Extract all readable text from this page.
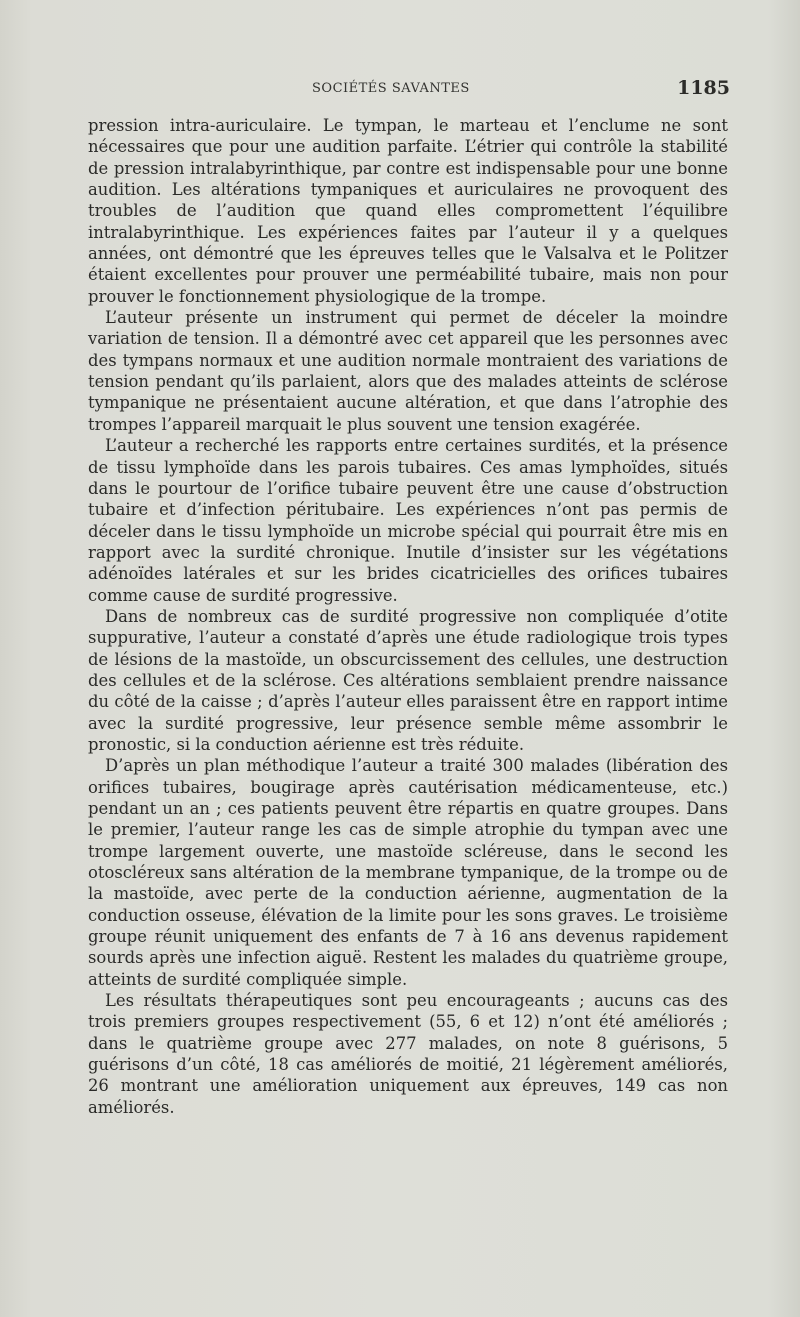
SOCIÉTÉS SAVANTES	1185

pression intra-auriculaire. Le tympan, le marteau et l’enclume ne sont nécessaires que pour une audition parfaite. L’étrier qui contrôle la stabilité de pression intralabyrinthique, par contre est indispensable pour une bonne audition. Les altérations tympaniques et auriculaires ne provoquent des troubles de l’audition que quand elles compromettent l’équilibre intralabyrinthique. Les expériences faites par l’auteur il y a quelques années, ont démontré que les épreuves telles que le Valsalva et le Politzer étaient excellentes pour prouver une perméabilité tubaire, mais non pour prouver le fonctionnement physiologique de la trompe.

L’auteur présente un instrument qui permet de déceler la moindre variation de tension. Il a démontré avec cet appareil que les personnes avec des tympans normaux et une audition normale montraient des variations de tension pendant qu’ils parlaient, alors que des malades atteints de sclérose tympanique ne présentaient aucune altération, et que dans l’atrophie des trompes l’appareil marquait le plus souvent une tension exagérée.

L’auteur a recherché les rapports entre certaines surdités, et la présence de tissu lymphoïde dans les parois tubaires. Ces amas lymphoïdes, situés dans le pourtour de l’orifice tubaire peuvent être une cause d’obstruction tubaire et d’infection péritubaire. Les expériences n’ont pas permis de déceler dans le tissu lymphoïde un microbe spécial qui pourrait être mis en rapport avec la surdité chronique. Inutile d’insister sur les végétations adénoïdes latérales et sur les brides cicatricielles des orifices tubaires comme cause de surdité progressive.

Dans de nombreux cas de surdité progressive non compliquée d’otite suppurative, l’auteur a constaté d’après une étude radiologique trois types de lésions de la mastoïde, un obscurcissement des cellules, une destruction des cellules et de la sclérose. Ces altérations semblaient prendre naissance du côté de la caisse ; d’après l’auteur elles paraissent être en rapport intime avec la surdité progressive, leur présence semble même assombrir le pronostic, si la conduction aérienne est très réduite.

D’après un plan méthodique l’auteur a traité 300 malades (libération des orifices tubaires, bougirage après cautérisation médicamenteuse, etc.) pendant un an ; ces patients peuvent être répartis en quatre groupes. Dans le premier, l’auteur range les cas de simple atrophie du tympan avec une trompe largement ouverte, une mastoïde scléreuse, dans le second les otoscléreux sans altération de la membrane tympanique, de la trompe ou de la mastoïde, avec perte de la conduction aérienne, augmentation de la conduction osseuse, élévation de la limite pour les sons graves. Le troisième groupe réunit uniquement des enfants de 7 à 16 ans devenus rapidement sourds après une infection aiguë. Restent les malades du quatrième groupe, atteints de surdité compliquée simple.

Les résultats thérapeutiques sont peu encourageants ; aucuns cas des trois premiers groupes respectivement (55, 6 et 12) n’ont été améliorés ; dans le quatrième groupe avec 277 malades, on note 8 guérisons, 5 guérisons d’un côté, 18 cas améliorés de moitié, 21 légèrement améliorés, 26 montrant une amélioration uniquement aux épreuves, 149 cas non améliorés.
